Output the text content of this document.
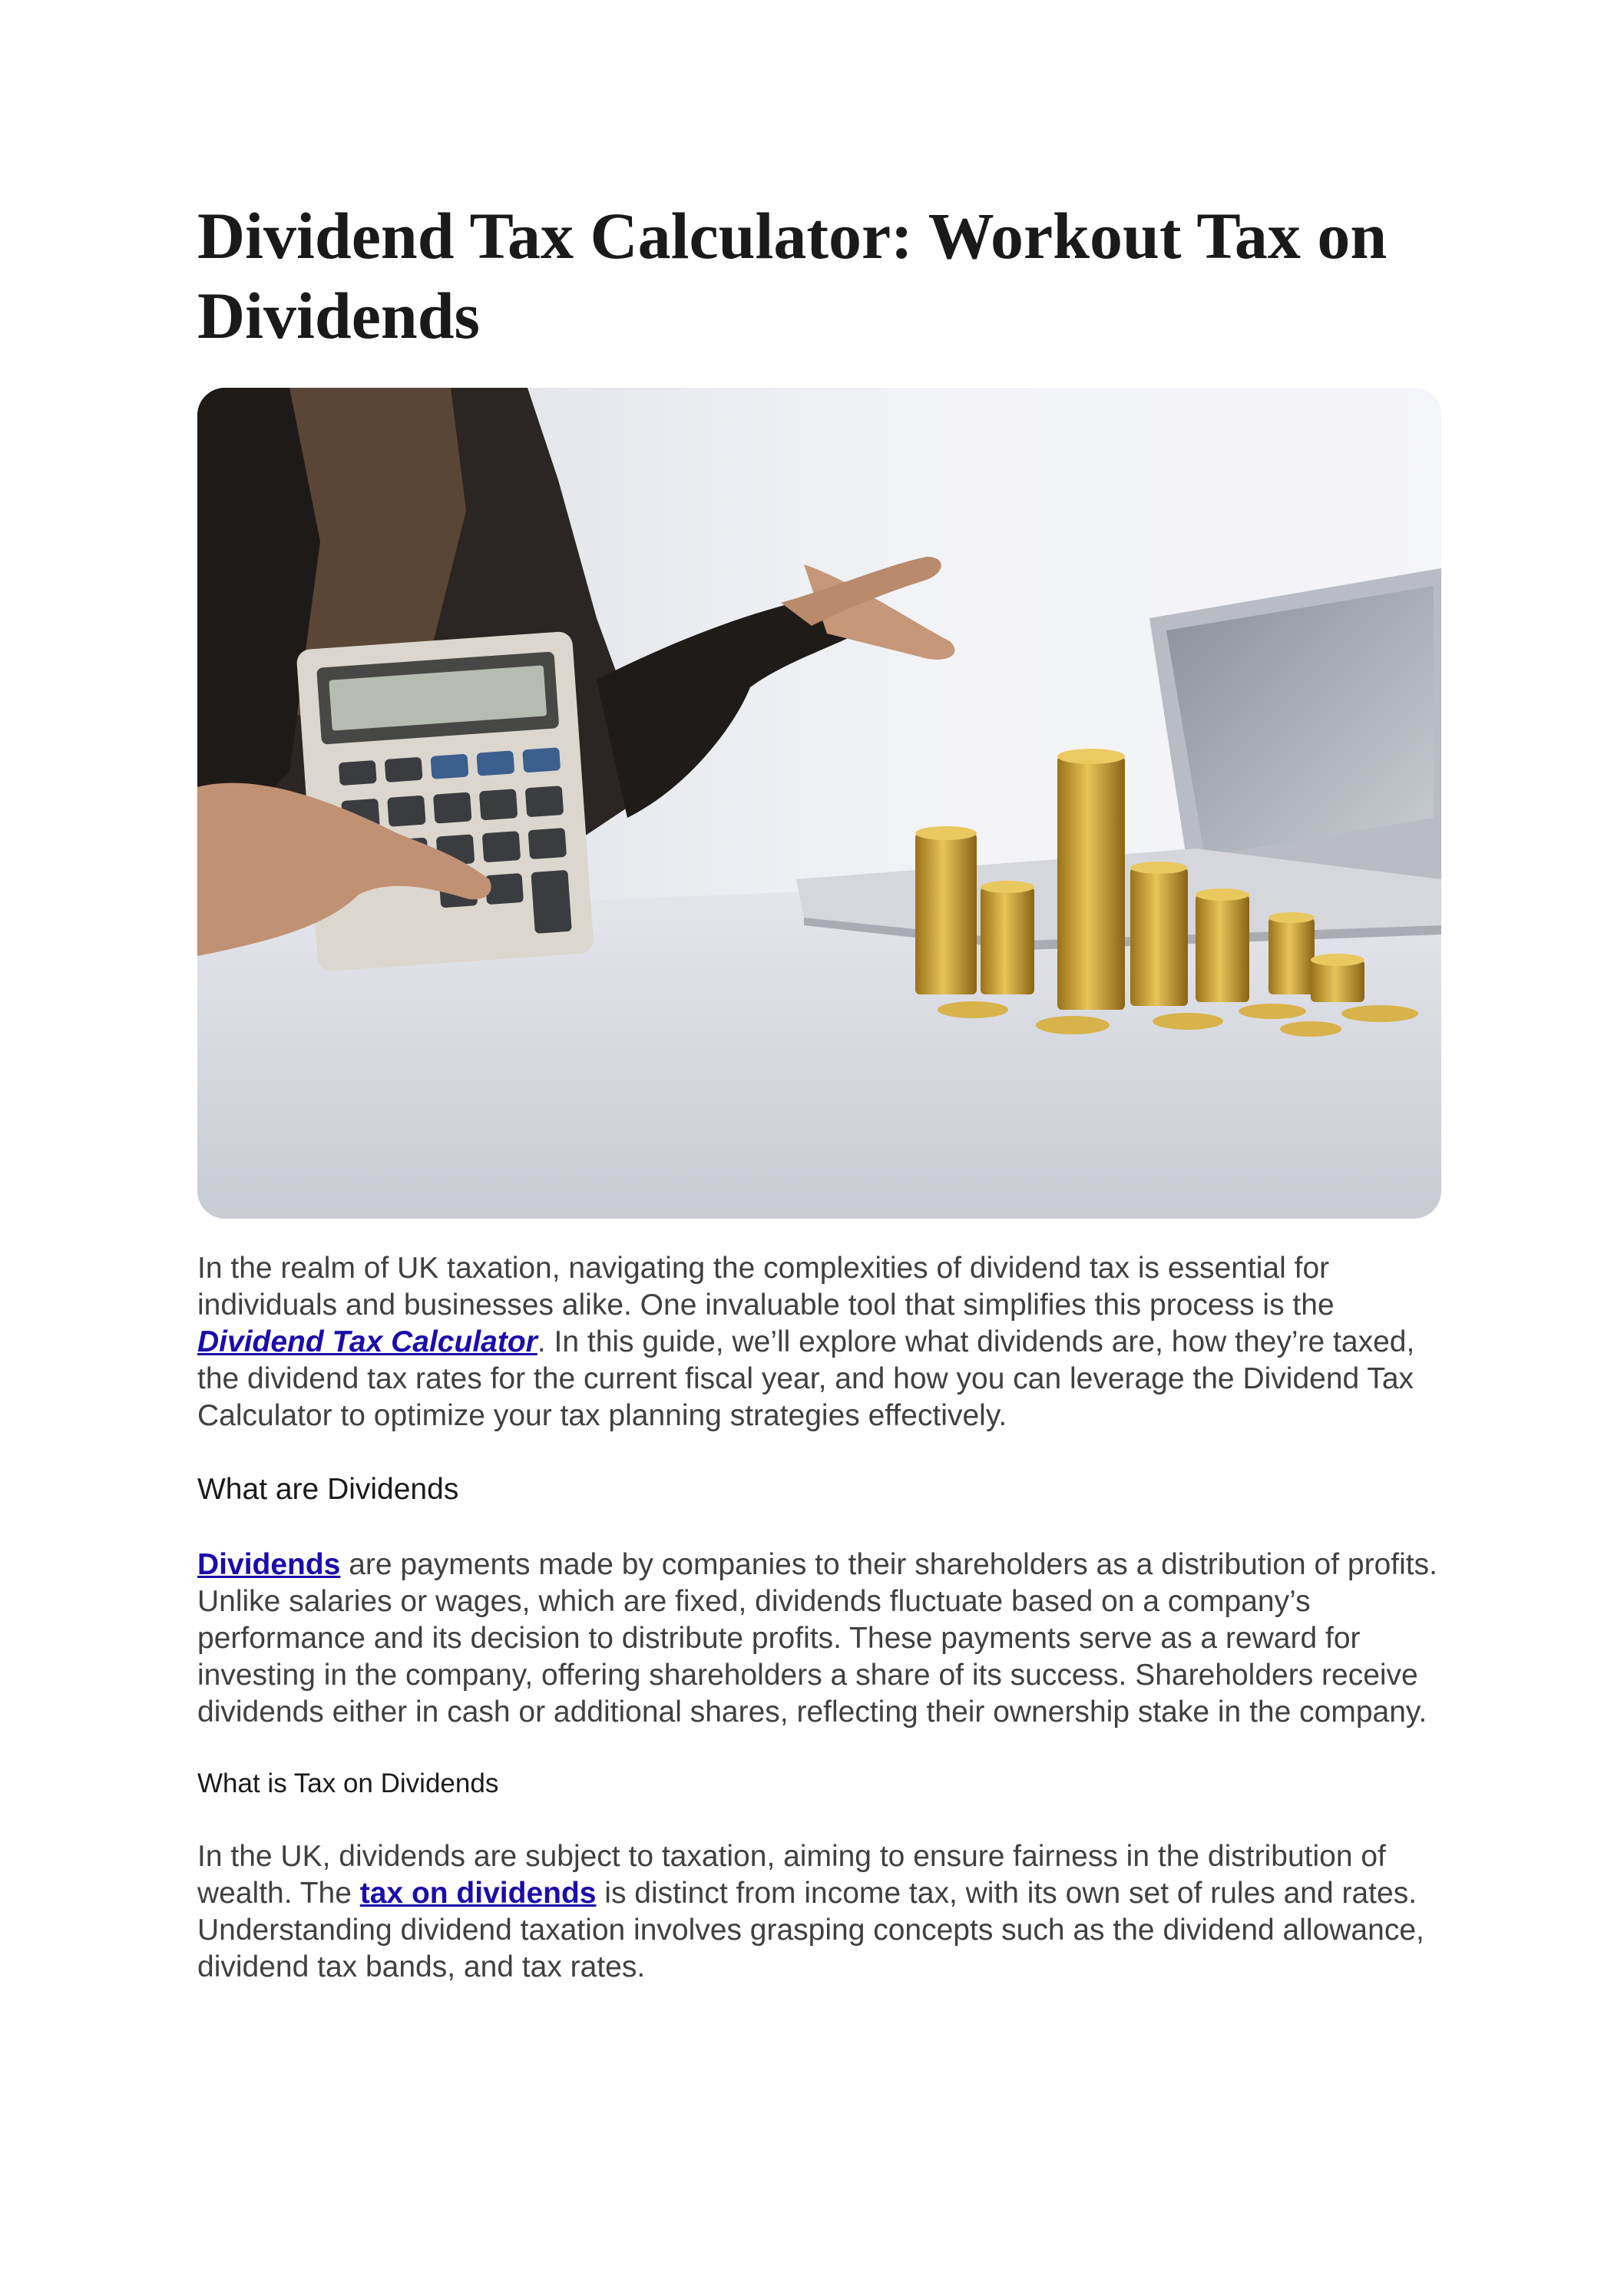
Dividend Tax Calculator: Workout Tax on Dividends

In the realm of UK taxation, navigating the complexities of dividend tax is essential for individuals and businesses alike. One invaluable tool that simplifies this process is the Dividend Tax Calculator. In this guide, we’ll explore what dividends are, how they’re taxed, the dividend tax rates for the current fiscal year, and how you can leverage the Dividend Tax Calculator to optimize your tax planning strategies effectively.

What are Dividends

Dividends are payments made by companies to their shareholders as a distribution of profits. Unlike salaries or wages, which are fixed, dividends fluctuate based on a company’s performance and its decision to distribute profits. These payments serve as a reward for investing in the company, offering shareholders a share of its success. Shareholders receive dividends either in cash or additional shares, reflecting their ownership stake in the company.

What is Tax on Dividends

In the UK, dividends are subject to taxation, aiming to ensure fairness in the distribution of wealth. The tax on dividends is distinct from income tax, with its own set of rules and rates. Understanding dividend taxation involves grasping concepts such as the dividend allowance, dividend tax bands, and tax rates.
